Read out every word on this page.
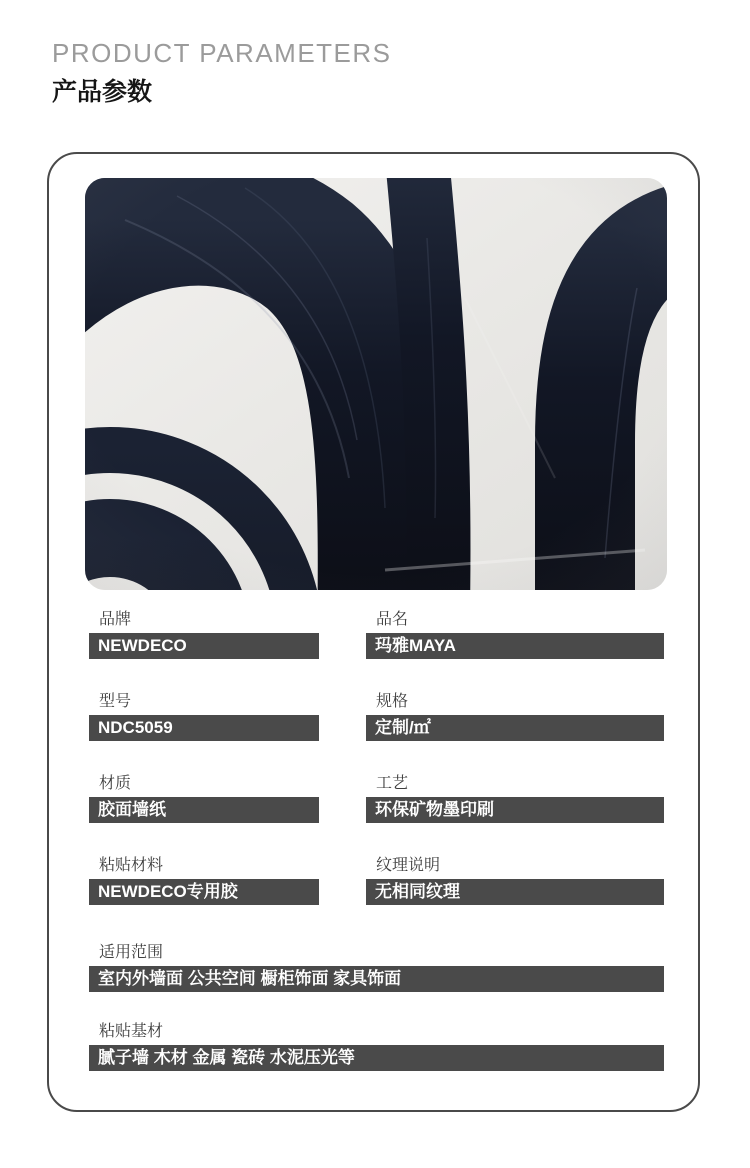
PRODUCT PARAMETERS
产品参数
品牌
NEWDECO
品名
玛雅MAYA
型号
NDC5059
规格
定制/㎡
材质
胶面墙纸
工艺
环保矿物墨印刷
粘贴材料
NEWDECO专用胶
纹理说明
无相同纹理
适用范围
室内外墙面 公共空间 橱柜饰面 家具饰面
粘贴基材
腻子墙 木材 金属 瓷砖 水泥压光等
